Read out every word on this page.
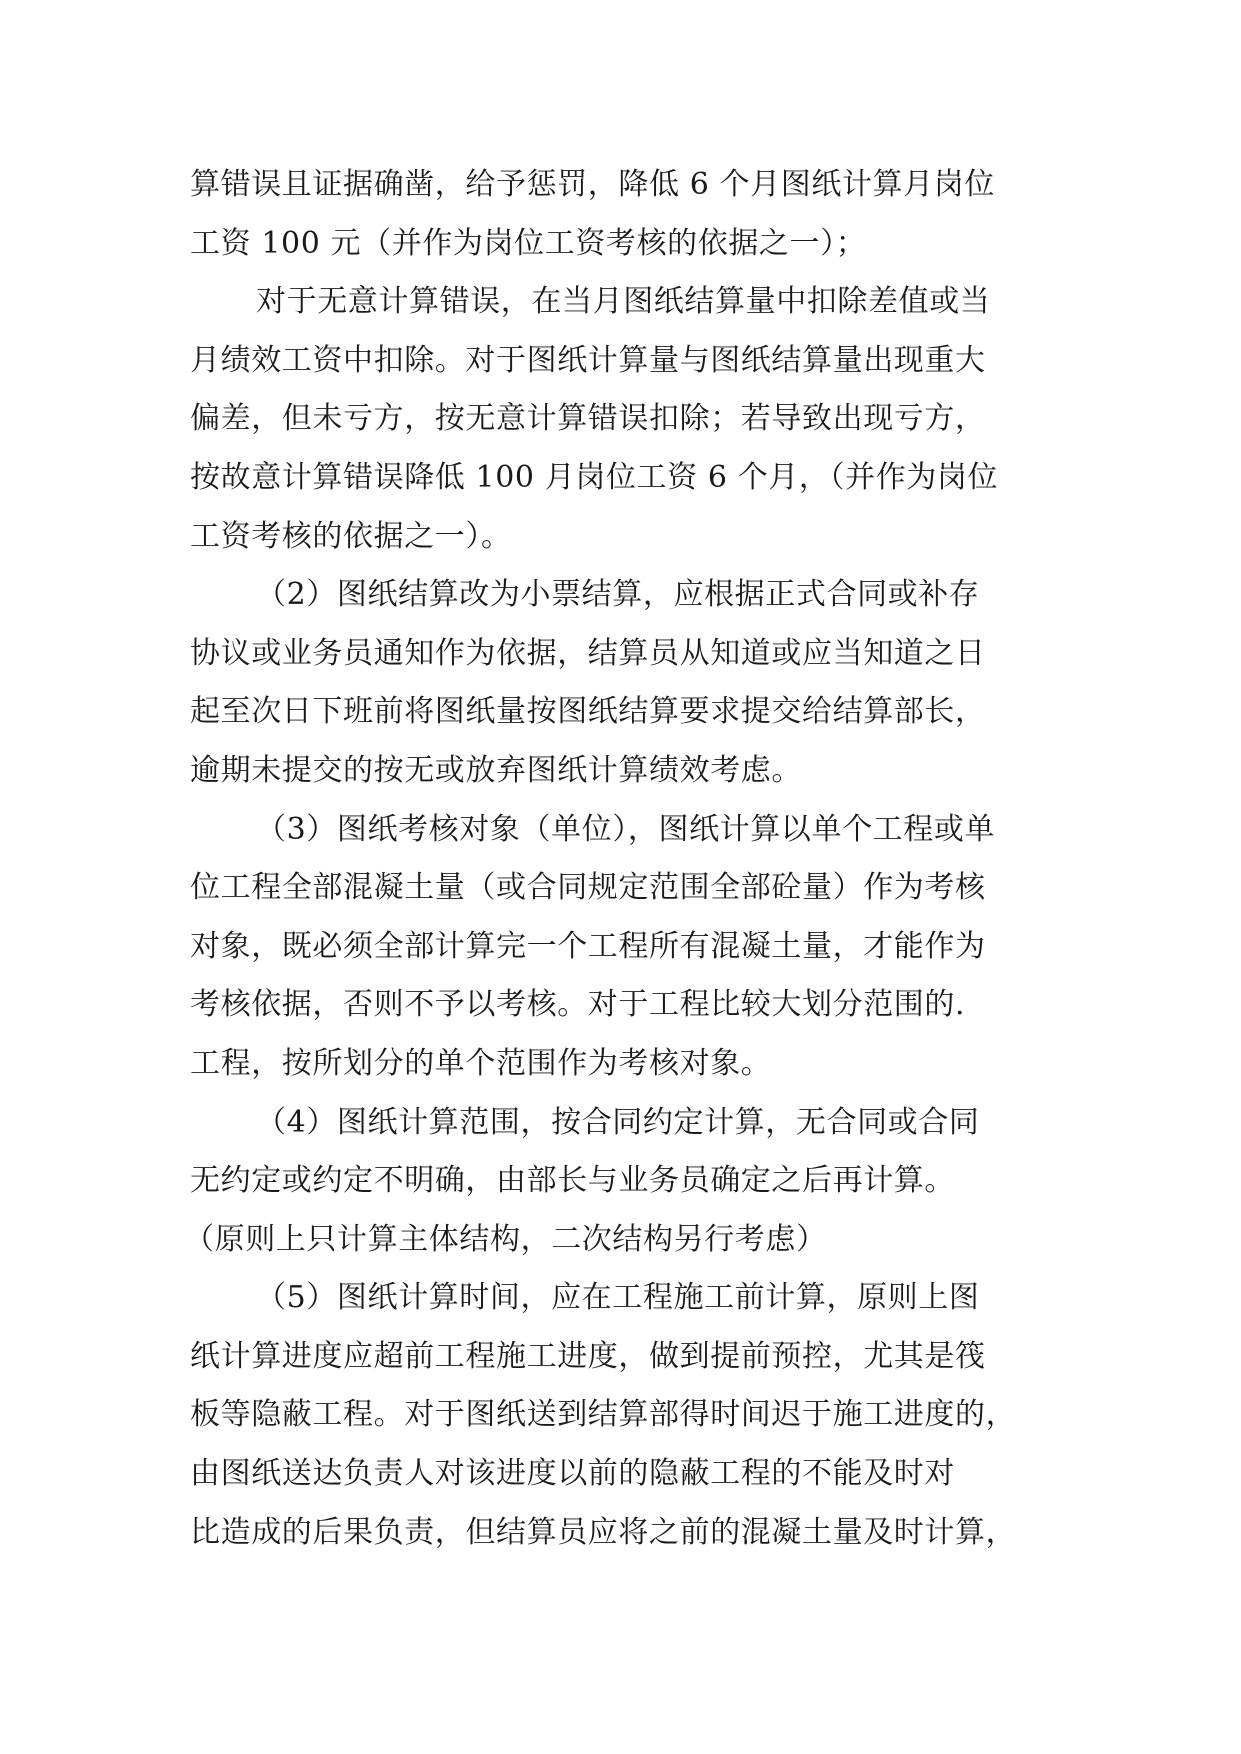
算错误且证据确凿，给予惩罚，降低 6 个月图纸计算月岗位
工资 100 元（并作为岗位工资考核的依据之一）；
对于无意计算错误，在当月图纸结算量中扣除差值或当
月绩效工资中扣除。对于图纸计算量与图纸结算量出现重大
偏差，但未亏方，按无意计算错误扣除；若导致出现亏方，
按故意计算错误降低 100 月岗位工资 6 个月，（并作为岗位
工资考核的依据之一）。
（2）图纸结算改为小票结算，应根据正式合同或补存
协议或业务员通知作为依据，结算员从知道或应当知道之日
起至次日下班前将图纸量按图纸结算要求提交给结算部长，
逾期未提交的按无或放弃图纸计算绩效考虑。
（3）图纸考核对象（单位），图纸计算以单个工程或单
位工程全部混凝土量（或合同规定范围全部砼量）作为考核
对象，既必须全部计算完一个工程所有混凝土量，才能作为
考核依据，否则不予以考核。对于工程比较大划分范围的.
工程，按所划分的单个范围作为考核对象。
（4）图纸计算范围，按合同约定计算，无合同或合同
无约定或约定不明确，由部长与业务员确定之后再计算。
（原则上只计算主体结构，二次结构另行考虑）
（5）图纸计算时间，应在工程施工前计算，原则上图
纸计算进度应超前工程施工进度，做到提前预控，尤其是筏
板等隐蔽工程。对于图纸送到结算部得时间迟于施工进度的，
由图纸送达负责人对该进度以前的隐蔽工程的不能及时对
比造成的后果负责，但结算员应将之前的混凝土量及时计算，
